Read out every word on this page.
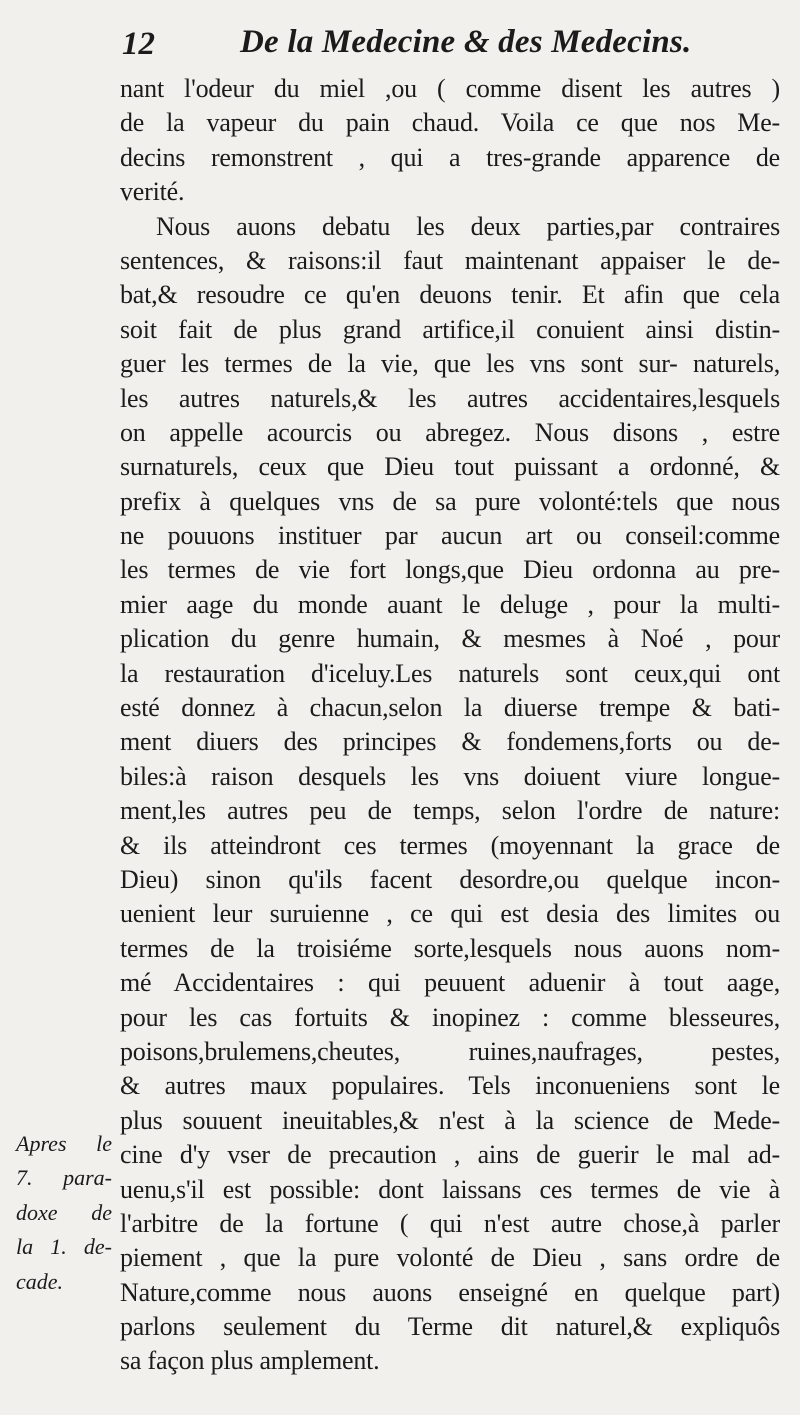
12	De la Medecine & des Medecins.
nant l'odeur du miel ,ou ( comme disent les autres )
de la vapeur du pain chaud. Voila ce que nos Me-
decins remonstrent , qui a tres-grande apparence de
verité.
Nous auons debatu les deux parties,par contraires
sentences, & raisons:il faut maintenant appaiser le de-
bat,& resoudre ce qu'en deuons tenir. Et afin que cela
soit fait de plus grand artifice,il conuient ainsi distin-
guer les termes de la vie, que les vns sont sur- naturels,
les autres naturels,& les autres accidentaires,lesquels
on appelle acourcis ou abregez. Nous disons , estre
surnaturels, ceux que Dieu tout puissant a ordonné, &
prefix à quelques vns de sa pure volonté:tels que nous
ne pouuons instituer par aucun art ou conseil:comme
les termes de vie fort longs,que Dieu ordonna au pre-
mier aage du monde auant le deluge , pour la multi-
plication du genre humain, & mesmes à Noé , pour
la restauration d'iceluy.Les naturels sont ceux,qui ont
esté donnez à chacun,selon la diuerse trempe & bati-
ment diuers des principes & fondemens,forts ou de-
biles:à raison desquels les vns doiuent viure longue-
ment,les autres peu de temps, selon l'ordre de nature:
& ils atteindront ces termes (moyennant la grace de
Dieu) sinon qu'ils facent desordre,ou quelque incon-
uenient leur suruienne , ce qui est desia des limites ou
termes de la troisiéme sorte,lesquels nous auons nom-
mé Accidentaires : qui peuuent aduenir à tout aage,
pour les cas fortuits & inopinez : comme blesseures,
poisons,brulemens,cheutes, ruines,naufrages, pestes,
& autres maux populaires. Tels inconueniens sont le
plus souuent ineuitables,& n'est à la science de Mede-
cine d'y vser de precaution , ains de guerir le mal ad-
uenu,s'il est possible: dont laissans ces termes de vie à
l'arbitre de la fortune ( qui n'est autre chose,à parler
piement , que la pure volonté de Dieu , sans ordre de
Nature,comme nous auons enseigné en quelque part)
parlons seulement du Terme dit naturel,& expliquôs
sa façon plus amplement.
Apres le
7. para-
doxe de
la 1. de-
cade.
